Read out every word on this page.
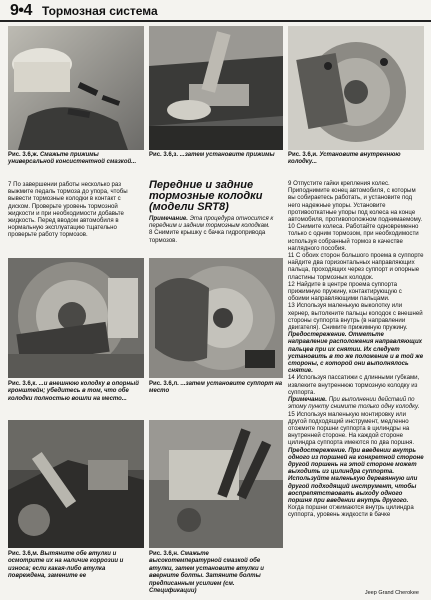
9•4 Тормозная система
Рис. 3.6,ж. Смажьте прижимы универсальной консистентной смазкой...
Рис. 3.6,з. ...затем установите прижимы	Рис. 3.6,и. Установите внутреннюю колодку...

7 По завершении работы несколько раз выжмите педаль тормоза до упора, чтобы вывести тормозные колодки в контакт с диском. Проверьте уровень тормозной жидкости и при необходимости добавьте жидкость. Перед вводом автомобиля в нормальную эксплуатацию тщательно проверьте работу тормозов.

Передние и задние тормозные колодки (модели SRT8)

Примечание. Эта процедура относится к передним и задним тормозным колодкам.

8 Снимите крышку с бачка гидропривода тормозов.

9 Отпустите гайки крепления колес. Приподнимите конец автомобиля, с которым вы собираетесь работать, и установите под него надежные упоры. Установите противооткатные упоры под колеса на конце автомобиля, противоположном поднимаемому.

10 Снимите колеса. Работайте одновременно только с одним тормозом, при необходимости используя собранный тормоз в качестве наглядного пособия.

11 С обоих сторон большого проема в суппорте найдите два горизонтальных направляющих пальца, проходящих через суппорт и опорные пластины тормозных колодок.

12 Найдите в центре проема суппорта прижимную пружину, контактирующую с обоими направляющими пальцами.

13 Используя маленькую выколотку или хернер, вытолкните пальцы колодок с внешней стороны суппорта внутрь (в направлении двигателя). Снимите прижимную пружину.

Предостережение. Отметьте направление расположения направляющих пальцев при их снятии. Их следует установить в то же положение и в той же стороны, с которой они выполнялось снятие.

14 Используя пассатижи с длинными губками, извлеките внутреннюю тормозную колодку из суппорта.

Примечание. При выполнении действий по этому пункту снимите только одну колодку.

15 Используя маленькую монтировку или другой подходящий инструмент, медленно отожмите поршни суппорта в цилиндры на внутренней стороне. На каждой стороне цилиндра суппорта имеются по два поршня.

Предостережение. При введении внутрь одного из поршней на конкретной стороне другой поршень на этой стороне может выходить из цилиндра суппорта. Используйте маленькую деревянную или другой подходящий инструмент, чтобы воспрепятствовать выходу одного поршня при введении внутрь другого.

Когда поршни отжимаются внутрь цилиндра суппорта, уровень жидкости в бачке

Рис. 3.6,к. ...и внешнюю колодку в опорный кронштейн; убедитесь в том, что обе колодки полностью вошли на место...
Рис. 3.6,л. ...затем установите суппорт на место
Рис. 3.6,м. Вытяните обе втулки и осмотрите их на наличие коррозии и износа; если какая-либо втулка повреждена, замените ее
Рис. 3.6,н. Смажьте высокотемпературной смазкой обе втулки, затем установите втулки и вверните болты. Затяните болты предписанным усилием (см. Спецификации)	Jeep Grand Cherokee
